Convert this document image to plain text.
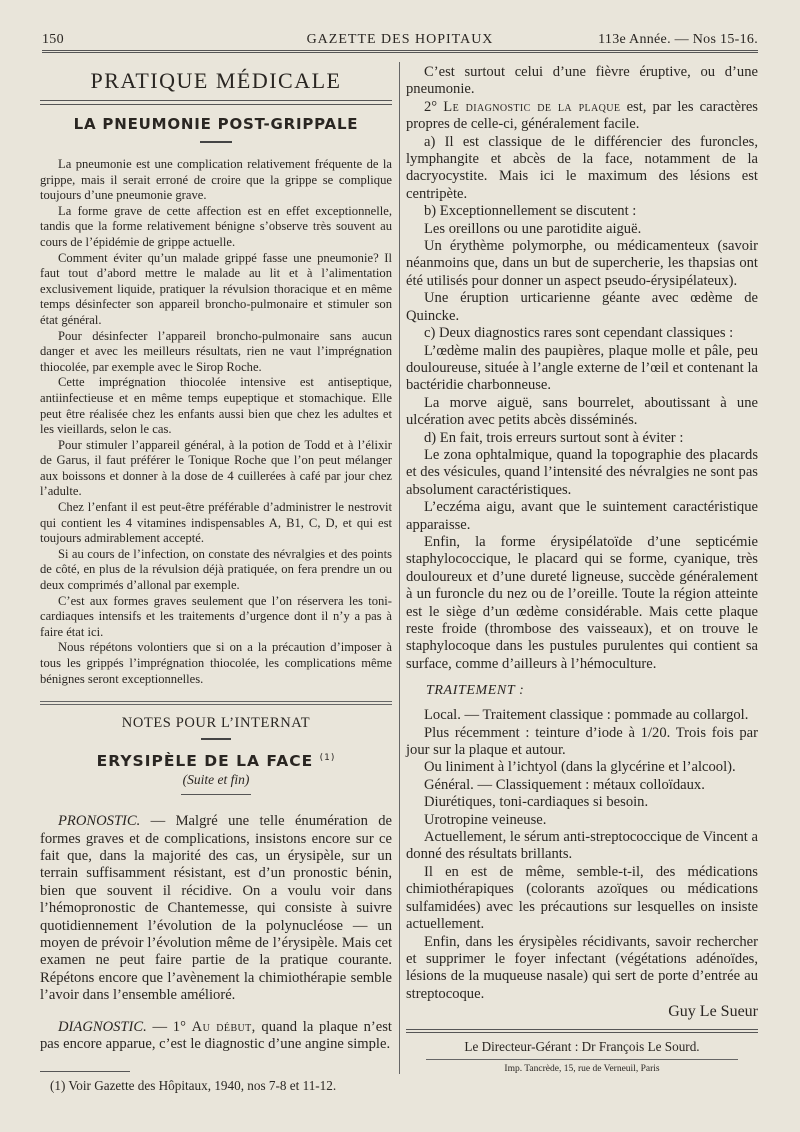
150	GAZETTE DES HOPITAUX	113e Année. — Nos 15-16.
PRATIQUE MÉDICALE
LA PNEUMONIE POST-GRIPPALE

La pneumonie est une complication relativement fréquente de la grippe, mais il serait erroné de croire que la grippe se complique toujours d’une pneumonie grave.

La forme grave de cette affection est en effet exceptionnelle, tandis que la forme relativement bénigne s’observe très souvent au cours de l’épidémie de grippe actuelle.

Comment éviter qu’un malade grippé fasse une pneumonie? Il faut tout d’abord mettre le malade au lit et à l’alimentation exclusivement liquide, pratiquer la révulsion thoracique et en même temps désinfecter son appareil broncho-pulmonaire et stimuler son état général.

Pour désinfecter l’appareil broncho-pulmonaire sans aucun danger et avec les meilleurs résultats, rien ne vaut l’imprégnation thiocolée, par exemple avec le Sirop Roche.

Cette imprégnation thiocolée intensive est antiseptique, antiinfectieuse et en même temps eupeptique et stomachique. Elle peut être réalisée chez les enfants aussi bien que chez les adultes et les vieillards, selon le cas.

Pour stimuler l’appareil général, à la potion de Todd et à l’élixir de Garus, il faut préférer le Tonique Roche que l’on peut mélanger aux boissons et donner à la dose de 4 cuillerées à café par jour chez l’adulte.

Chez l’enfant il est peut-être préférable d’administrer le nestrovit qui contient les 4 vitamines indispensables A, B1, C, D, et qui est toujours admirablement accepté.

Si au cours de l’infection, on constate des névralgies et des points de côté, en plus de la révulsion déjà pratiquée, on fera prendre un ou deux comprimés d’allonal par exemple.

C’est aux formes graves seulement que l’on réservera les toni-cardiaques intensifs et les traitements d’urgence dont il n’y a pas à faire état ici.

Nous répétons volontiers que si on a la précaution d’imposer à tous les grippés l’imprégnation thiocolée, les complications même bénignes seront exceptionnelles.

NOTES POUR L’INTERNAT
ERYSIPÈLE DE LA FACE $^{(1)}$
(Suite et fin)

PRONOSTIC. — Malgré une telle énumération de formes graves et de complications, insistons encore sur ce fait que, dans la majorité des cas, un érysipèle, sur un terrain suffisamment résistant, est d’un pronostic bénin, bien que souvent il récidive. On a voulu voir dans l’hémopronostic de Chantemesse, qui consiste à suivre quotidiennement l’évolution de la polynucléose — un moyen de prévoir l’évolution même de l’érysipèle. Mais cet examen ne peut faire partie de la pratique courante. Répétons encore que l’avènement la chimiothérapie semble l’avoir dans l’ensemble amélioré.

DIAGNOSTIC. — 1° Au début, quand la plaque n’est pas encore apparue, c’est le diagnostic d’une angine simple.

(1) Voir Gazette des Hôpitaux, 1940, nos 7-8 et 11-12.

C’est surtout celui d’une fièvre éruptive, ou d’une pneumonie.

2° Le diagnostic de la plaque est, par les caractères propres de celle-ci, généralement facile.

a) Il est classique de le différencier des furoncles, lymphangite et abcès de la face, notamment de la dacryocystite. Mais ici le maximum des lésions est centripète.

b) Exceptionnellement se discutent :

Les oreillons ou une parotidite aiguë.

Un érythème polymorphe, ou médicamenteux (savoir néanmoins que, dans un but de supercherie, les thapsias ont été utilisés pour donner un aspect pseudo-érysipélateux).

Une éruption urticarienne géante avec œdème de Quincke.

c) Deux diagnostics rares sont cependant classiques :

L’œdème malin des paupières, plaque molle et pâle, peu douloureuse, située à l’angle externe de l’œil et contenant la bactéridie charbonneuse.

La morve aiguë, sans bourrelet, aboutissant à une ulcération avec petits abcès disséminés.

d) En fait, trois erreurs surtout sont à éviter :

Le zona ophtalmique, quand la topographie des placards et des vésicules, quand l’intensité des névralgies ne sont pas absolument caractéristiques.

L’eczéma aigu, avant que le suintement caractéristique apparaisse.

Enfin, la forme érysipélatoïde d’une septicémie staphylococcique, le placard qui se forme, cyanique, très douloureux et d’une dureté ligneuse, succède généralement à un furoncle du nez ou de l’oreille. Toute la région atteinte est le siège d’un œdème considérable. Mais cette plaque reste froide (thrombose des vaisseaux), et on trouve le staphylocoque dans les pustules purulentes qui contient sa surface, comme d’ailleurs à l’hémoculture.

TRAITEMENT :

Local. — Traitement classique : pommade au collargol.

Plus récemment : teinture d’iode à 1/20. Trois fois par jour sur la plaque et autour.

Ou liniment à l’ichtyol (dans la glycérine et l’alcool).

Général. — Classiquement : métaux colloïdaux.

Diurétiques, toni-cardiaques si besoin.

Urotropine veineuse.

Actuellement, le sérum anti-streptococcique de Vincent a donné des résultats brillants.

Il en est de même, semble-t-il, des médications chimiothérapiques (colorants azoïques ou médications sulfamidées) avec les précautions sur lesquelles on insiste actuellement.

Enfin, dans les érysipèles récidivants, savoir rechercher et supprimer le foyer infectant (végétations adénoïdes, lésions de la muqueuse nasale) qui sert de porte d’entrée au streptocoque.

Guy Le Sueur
Le Directeur-Gérant : Dr François Le Sourd.
Imp. Tancrède, 15, rue de Verneuil, Paris
